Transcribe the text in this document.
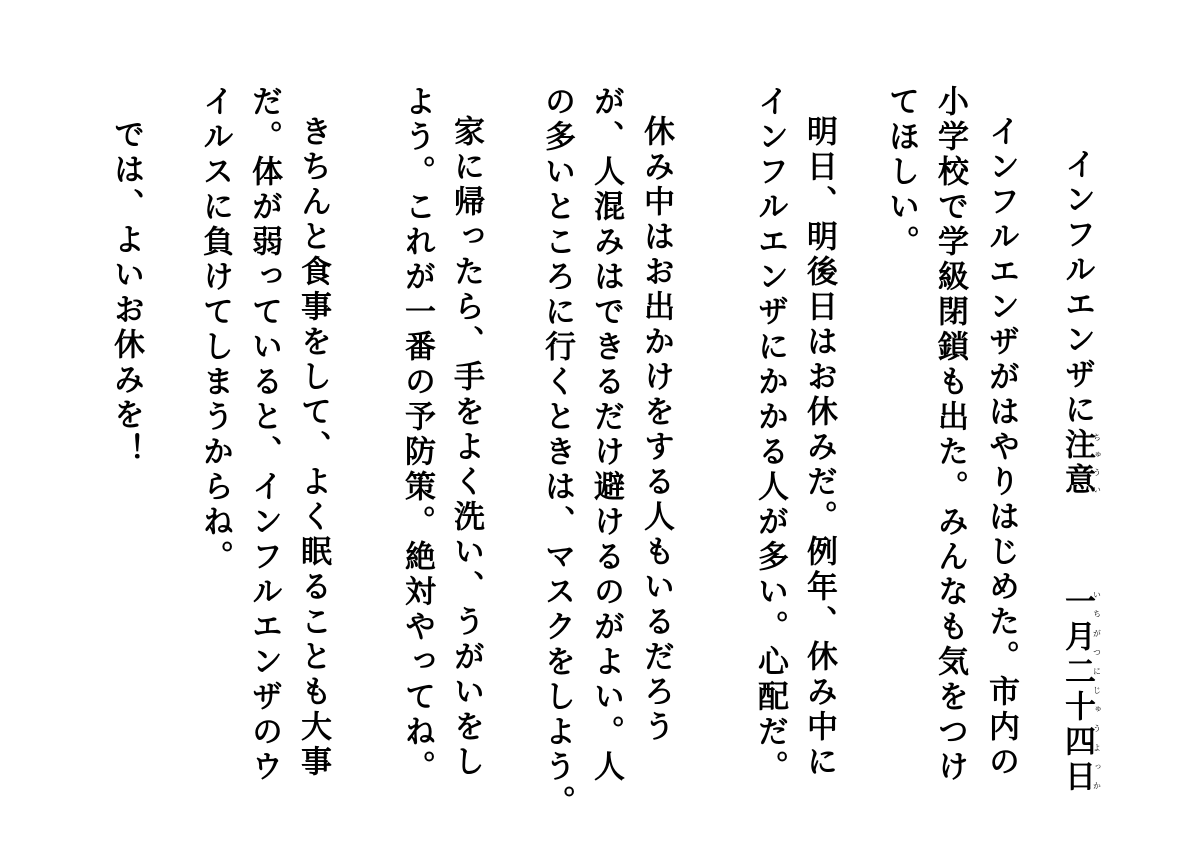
インフルエンザに注意ちゅうい
一月二十四日いちがつにじゅうよっか
インフルエンザがはやりはじめた。市内の
小学校で学級閉鎖も出た。みんなも気をつけ
てほしい。
明日、明後日はお休みだ。例年、休み中に
インフルエンザにかかる人が多い。心配だ。
休み中はお出かけをする人もいるだろう
が、人混みはできるだけ避けるのがよい。人
の多いところに行くときは、マスクをしよう。
家に帰ったら、手をよく洗い、うがいをし
よう。これが一番の予防策。絶対やってね。
きちんと食事をして、よく眠ることも大事
だ。体が弱っていると、インフルエンザのウ
イルスに負けてしまうからね。
では、よいお休みを！
